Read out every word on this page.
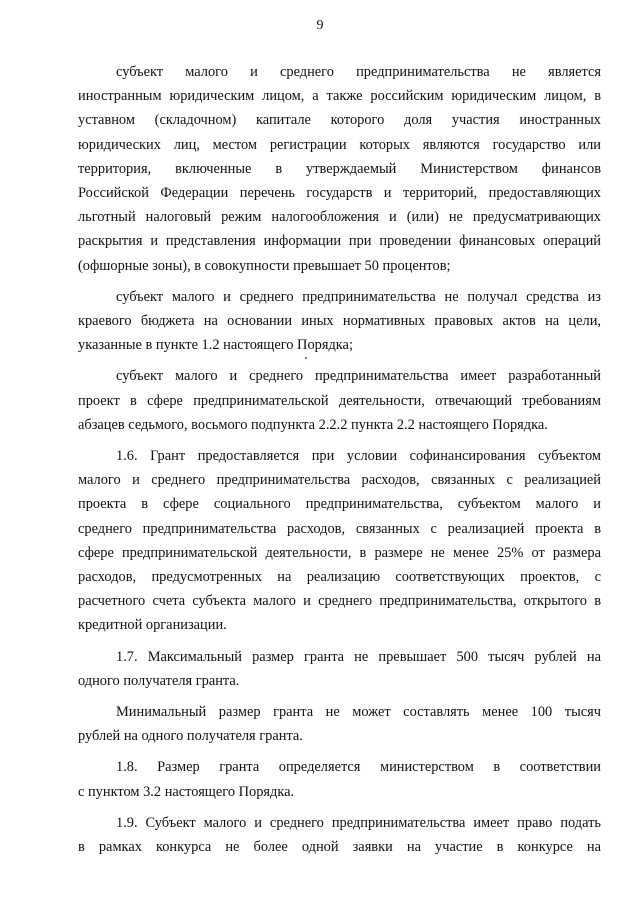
9

субъект малого и среднего предпринимательства не является
иностранным юридическим лицом, а также российским юридическим лицом, в
уставном (складочном) капитале которого доля участия иностранных
юридических лиц, местом регистрации которых являются государство или
территория, включенные в утверждаемый Министерством финансов
Российской Федерации перечень государств и территорий, предоставляющих
льготный налоговый режим налогообложения и (или) не предусматривающих
раскрытия и представления информации при проведении финансовых операций
(офшорные зоны), в совокупности превышает 50 процентов;

субъект малого и среднего предпринимательства не получал средства из
краевого бюджета на основании иных нормативных правовых актов на цели,
указанные в пункте 1.2 настоящего Порядка;

субъект малого и среднего предпринимательства имеет разработанный
проект в сфере предпринимательской деятельности, отвечающий требованиям
абзацев седьмого, восьмого подпункта 2.2.2 пункта 2.2 настоящего Порядка.

1.6. Грант предоставляется при условии софинансирования субъектом
малого и среднего предпринимательства расходов, связанных с реализацией
проекта в сфере социального предпринимательства, субъектом малого и
среднего предпринимательства расходов, связанных с реализацией проекта в
сфере предпринимательской деятельности, в размере не менее 25% от размера
расходов, предусмотренных на реализацию соответствующих проектов, с
расчетного счета субъекта малого и среднего предпринимательства, открытого в
кредитной организации.

1.7. Максимальный размер гранта не превышает 500 тысяч рублей на
одного получателя гранта.

Минимальный размер гранта не может составлять менее 100 тысяч
рублей на одного получателя гранта.

1.8. Размер гранта определяется министерством в соответствии
с пунктом 3.2 настоящего Порядка.

1.9. Субъект малого и среднего предпринимательства имеет право подать
в рамках конкурса не более одной заявки на участие в конкурсе на
